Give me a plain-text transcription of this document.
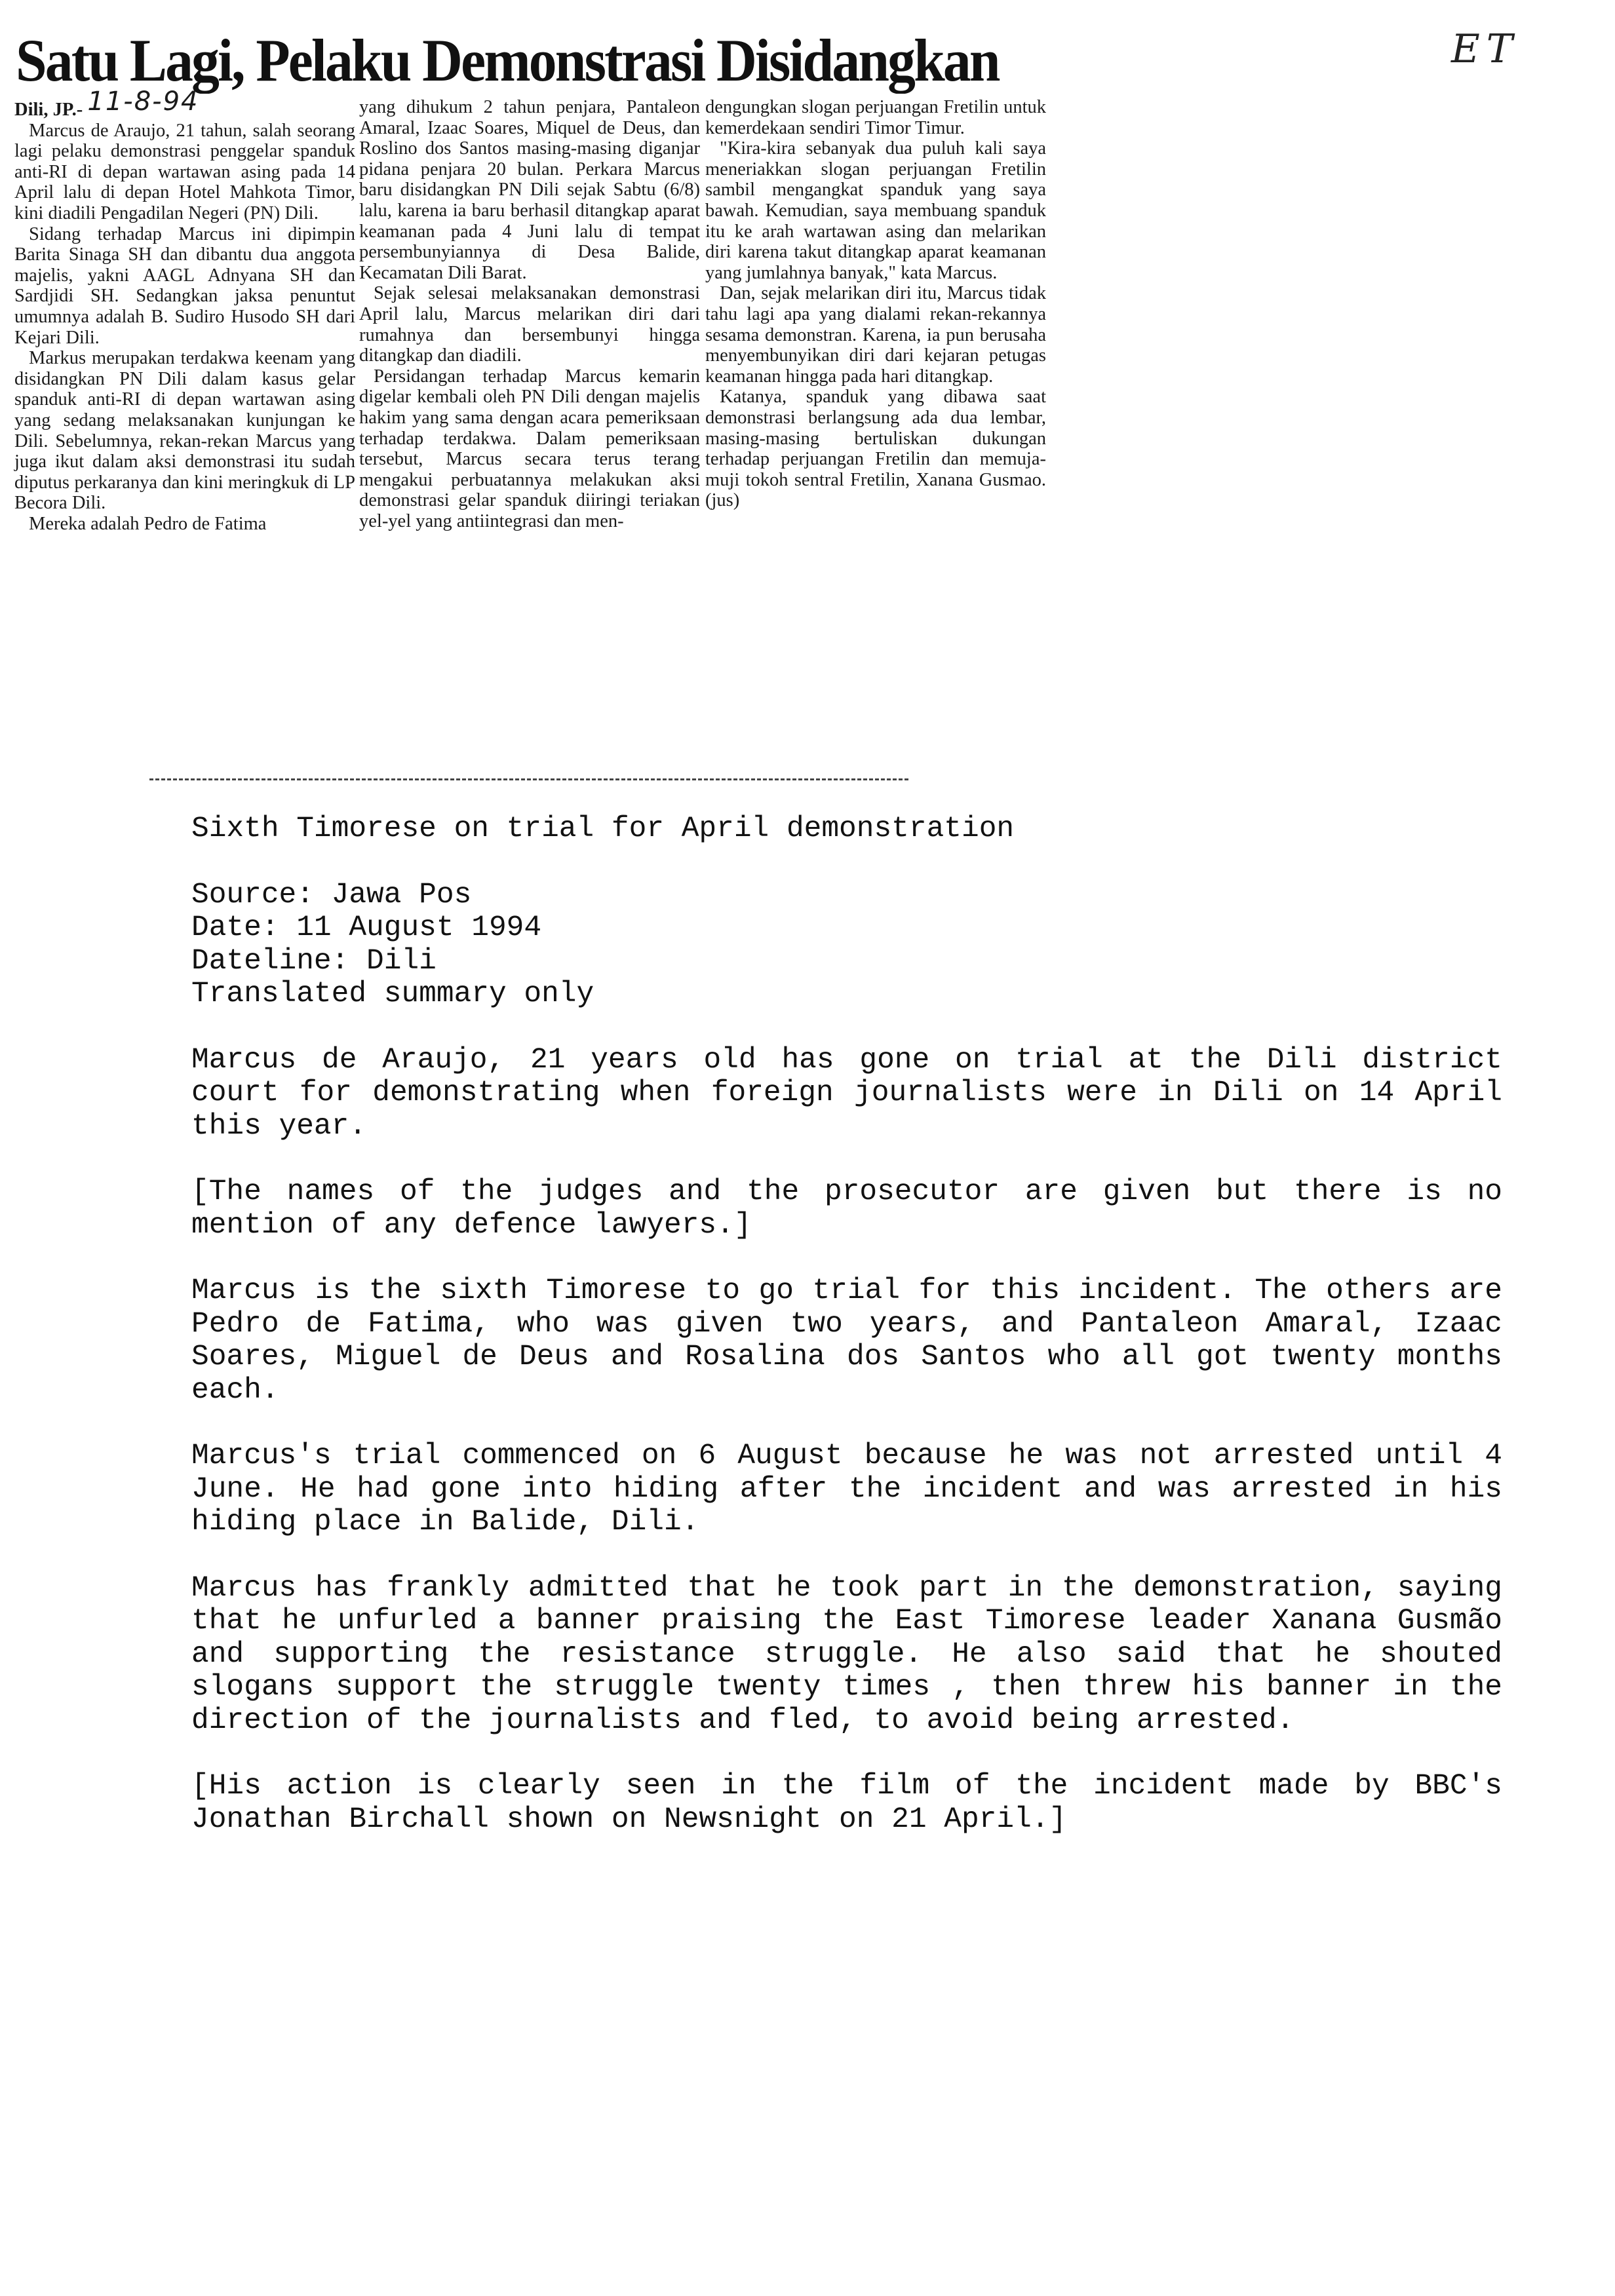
Satu Lagi, Pelaku Demonstrasi Disidangkan

Dili, JP.- 11-8-94

Marcus de Araujo, 21 tahun, salah seorang lagi pelaku demonstrasi penggelar spanduk anti-RI di depan wartawan asing pada 14 April lalu di depan Hotel Mahkota Timor, kini diadili Pengadilan Negeri (PN) Dili.

Sidang terhadap Marcus ini dipimpin Barita Sinaga SH dan dibantu dua anggota majelis, yakni AAGL Adnyana SH dan Sardjidi SH. Sedangkan jaksa penuntut umumnya adalah B. Sudiro Husodo SH dari Kejari Dili.

Markus merupakan terdakwa keenam yang disidangkan PN Dili dalam kasus gelar spanduk anti-RI di depan wartawan asing yang sedang melaksanakan kunjungan ke Dili. Sebelumnya, rekan-rekan Marcus yang juga ikut dalam aksi demonstrasi itu sudah diputus perkaranya dan kini meringkuk di LP Becora Dili.

Mereka adalah Pedro de Fatima

yang dihukum 2 tahun penjara, Pantaleon Amaral, Izaac Soares, Miquel de Deus, dan Roslino dos Santos masing-masing diganjar pidana penjara 20 bulan. Perkara Marcus baru disidangkan PN Dili sejak Sabtu (6/8) lalu, karena ia baru berhasil ditangkap aparat keamanan pada 4 Juni lalu di tempat persembunyiannya di Desa Balide, Kecamatan Dili Barat.

Sejak selesai melaksanakan demonstrasi April lalu, Marcus melarikan diri dari rumahnya dan bersembunyi hingga ditangkap dan diadili.

Persidangan terhadap Marcus kemarin digelar kembali oleh PN Dili dengan majelis hakim yang sama dengan acara pemeriksaan terhadap terdakwa. Dalam pemeriksaan tersebut, Marcus secara terus terang mengakui perbuatannya melakukan aksi demonstrasi gelar spanduk diiringi teriakan yel-yel yang antiintegrasi dan men-

dengungkan slogan perjuangan Fretilin untuk kemerdekaan sendiri Timor Timur.

"Kira-kira sebanyak dua puluh kali saya meneriakkan slogan perjuangan Fretilin sambil mengangkat spanduk yang saya bawah. Kemudian, saya membuang spanduk itu ke arah wartawan asing dan melarikan diri karena takut ditangkap aparat keamanan yang jumlahnya banyak," kata Marcus.

Dan, sejak melarikan diri itu, Marcus tidak tahu lagi apa yang dialami rekan-rekannya sesama demonstran. Karena, ia pun berusaha menyembunyikan diri dari kejaran petugas keamanan hingga pada hari ditangkap.

Katanya, spanduk yang dibawa saat demonstrasi berlangsung ada dua lembar, masing-masing bertuliskan dukungan terhadap perjuangan Fretilin dan memuja-muji tokoh sentral Fretilin, Xanana Gusmao. (jus)

ET
Sixth Timorese on trial for April demonstration
Source: Jawa Pos
Date: 11 August 1994
Dateline: Dili
Translated summary only
Marcus de Araujo, 21 years old has gone on trial at the Dili district court for demonstrating when foreign journalists were in Dili on 14 April this year.
[The names of the judges and the prosecutor are given but there is no mention of any defence lawyers.]
Marcus is the sixth Timorese to go trial for this incident. The others are Pedro de Fatima, who was given two years, and Pantaleon Amaral, Izaac Soares, Miguel de Deus and Rosalina dos Santos who all got twenty months each.
Marcus's trial commenced on 6 August because he was not arrested until 4 June. He had gone into hiding after the incident and was arrested in his hiding place in Balide, Dili.
Marcus has frankly admitted that he took part in the demonstration, saying that he unfurled a banner praising the East Timorese leader Xanana Gusmão and supporting the resistance struggle. He also said that he shouted slogans support the struggle twenty times , then threw his banner in the direction of the journalists and fled, to avoid being arrested.
[His action is clearly seen in the film of the incident made by BBC's Jonathan Birchall shown on Newsnight on 21 April.]
